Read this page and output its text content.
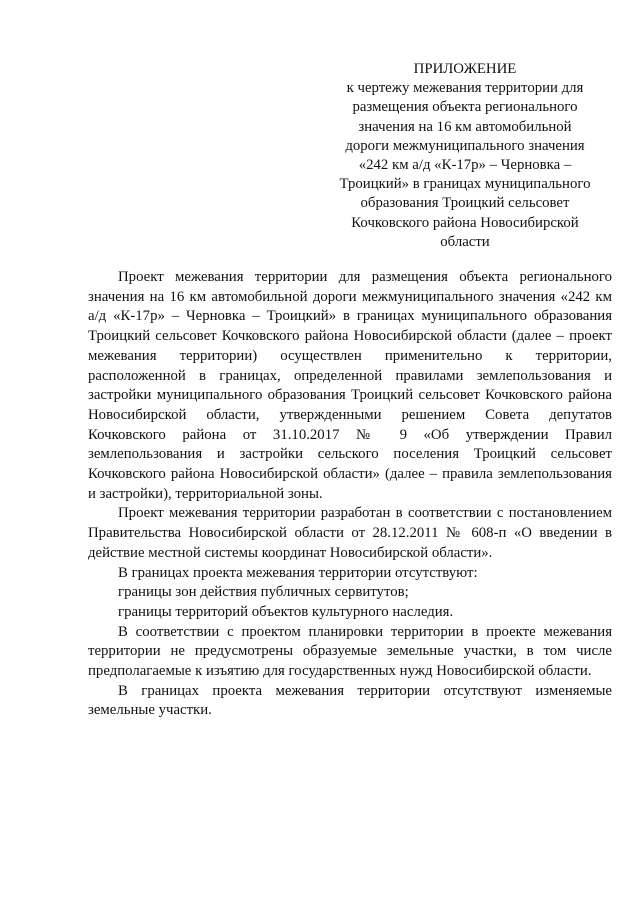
ПРИЛОЖЕНИЕ
к чертежу межевания территории для
размещения объекта регионального
значения на 16 км автомобильной
дороги межмуниципального значения
«242 км а/д «К-17р» – Черновка –
Троицкий» в границах муниципального
образования Троицкий сельсовет
Кочковского района Новосибирской
области

Проект межевания территории для размещения объекта регионального значения на 16 км автомобильной дороги межмуниципального значения «242 км а/д «К-17р» – Черновка – Троицкий» в границах муниципального образования Троицкий сельсовет Кочковского района Новосибирской области (далее – проект межевания территории) осуществлен применительно к территории, расположенной в границах, определенной правилами землепользования и застройки муниципального образования Троицкий сельсовет Кочковского района Новосибирской области, утвержденными решением Совета депутатов Кочковского района от 31.10.2017 № 9 «Об утверждении Правил землепользования и застройки сельского поселения Троицкий сельсовет Кочковского района Новосибирской области» (далее – правила землепользования и застройки), территориальной зоны.

Проект межевания территории разработан в соответствии с постановлением Правительства Новосибирской области от 28.12.2011 № 608-п «О введении в действие местной системы координат Новосибирской области».

В границах проекта межевания территории отсутствуют:

границы зон действия публичных сервитутов;

границы территорий объектов культурного наследия.

В соответствии с проектом планировки территории в проекте межевания территории не предусмотрены образуемые земельные участки, в том числе предполагаемые к изъятию для государственных нужд Новосибирской области.

В границах проекта межевания территории отсутствуют изменяемые земельные участки.
